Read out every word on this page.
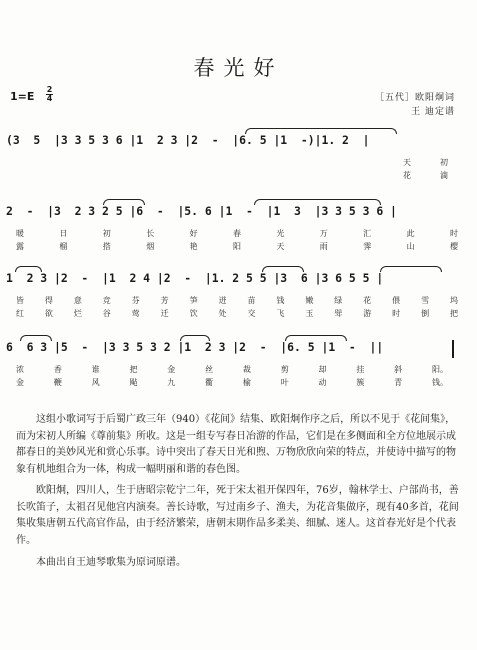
春光好
1=E
2
4	［五代］欧阳炯词
王 迪定谱
(3  5  |3 3 5 3 6 |1  2 3 |2  -  |6. 5 |1  -)|1. 2  |
天	初
花	滴
2  -  |3  2 3 2 5 |6  -  |5. 6 |1  -  |1  3  |3 3 5 3 6 |
暖	日	初	长	好	春	光	万	汇	此	时
露	榴	搭	烟	艳	阳	天	雨	霁	山	樱
1  2 3 |2  -  |1  2 4 |2  -  |1. 2 5 5 |3  6 |3 6 5 5 |
皆	得	意	竞	芬	芳	笋	迸	苗	钱	嫩	绿	花	偎	雪	坞
红	欲	烂	谷	莺	迁	饮	处	交	飞	玉	斝	游	时	倒	把
6  6 3 |5  -  |3 3 5 3 2 |1  2 3 |2  -  |6. 5 |1  -  ||
浓	香	谁	把	金	丝	裁	剪	却	挂	斜	阳。
金	鞭	风	飐	九	衢	榆	叶	动	簇	青	钱。
这组小歌词写于后蜀广政三年（940）《花间》结集、欧阳炯作序之后，所以不见于《花间集》，而为宋初人所编《尊前集》所收。这是一组专写春日冶游的作品，它们是在多侧面和全方位地展示成都春日的美妙风光和赏心乐事。诗中突出了春天日光和煦、万物欣欣向荣的特点，并使诗中描写的物象有机地组合为一体，构成一幅明丽和谐的春色图。
欧阳炯，四川人，生于唐昭宗乾宁二年，死于宋太祖开保四年，76岁，翰林学士、户部尚书，善长吹笛子，太祖召见他宫内演奏。善长诗歌，写过南乡子、渔夫，为花音集做序，现有40多首，花间集收集唐朝五代高官作品，由于经济繁荣，唐朝末期作品多柔美、细腻、迷人。这首春光好是个代表作。
本曲出自王迪琴歌集为原词原谱。
